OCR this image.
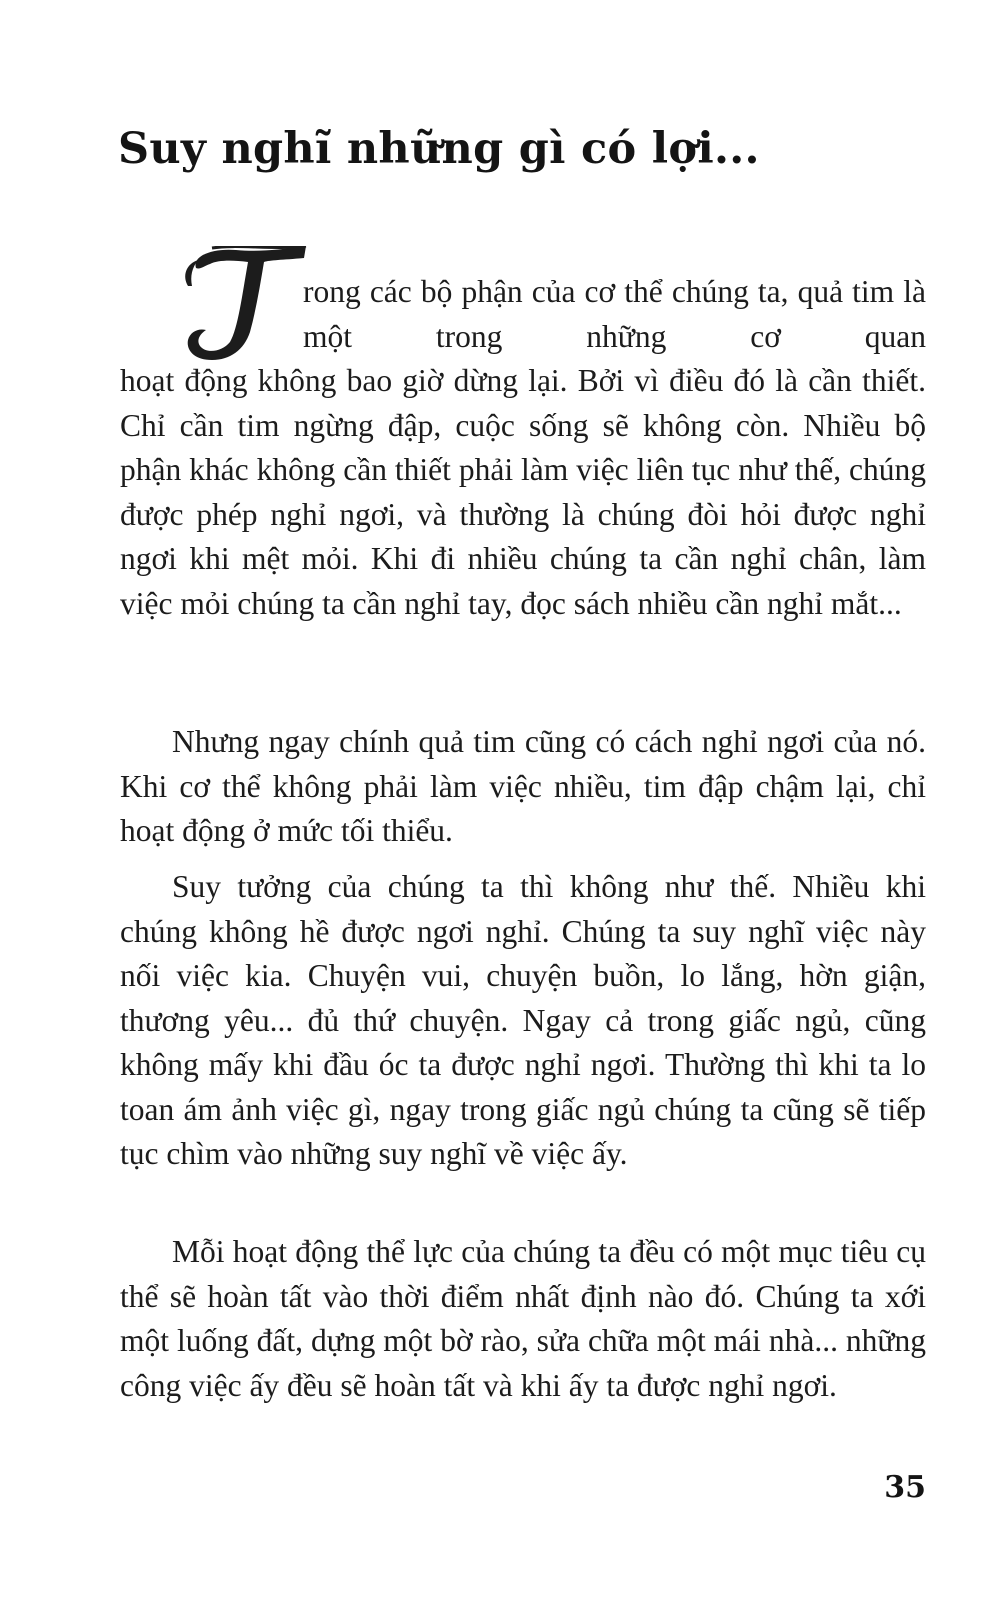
Suy nghĩ những gì có lợi...
T

rong các bộ phận của cơ thể chúng ta, quả tim là một trong những cơ quan

hoạt động không bao giờ dừng lại. Bởi vì điều đó là cần thiết. Chỉ cần tim ngừng đập, cuộc sống sẽ không còn. Nhiều bộ phận khác không cần thiết phải làm việc liên tục như thế, chúng được phép nghỉ ngơi, và thường là chúng đòi hỏi được nghỉ ngơi khi mệt mỏi. Khi đi nhiều chúng ta cần nghỉ chân, làm việc mỏi chúng ta cần nghỉ tay, đọc sách nhiều cần nghỉ mắt...

Nhưng ngay chính quả tim cũng có cách nghỉ ngơi của nó. Khi cơ thể không phải làm việc nhiều, tim đập chậm lại, chỉ hoạt động ở mức tối thiểu.

Suy tưởng của chúng ta thì không như thế. Nhiều khi chúng không hề được ngơi nghỉ. Chúng ta suy nghĩ việc này nối việc kia. Chuyện vui, chuyện buồn, lo lắng, hờn giận, thương yêu... đủ thứ chuyện. Ngay cả trong giấc ngủ, cũng không mấy khi đầu óc ta được nghỉ ngơi. Thường thì khi ta lo toan ám ảnh việc gì, ngay trong giấc ngủ chúng ta cũng sẽ tiếp tục chìm vào những suy nghĩ về việc ấy.

Mỗi hoạt động thể lực của chúng ta đều có một mục tiêu cụ thể sẽ hoàn tất vào thời điểm nhất định nào đó. Chúng ta xới một luống đất, dựng một bờ rào, sửa chữa một mái nhà... những công việc ấy đều sẽ hoàn tất và khi ấy ta được nghỉ ngơi.

35
